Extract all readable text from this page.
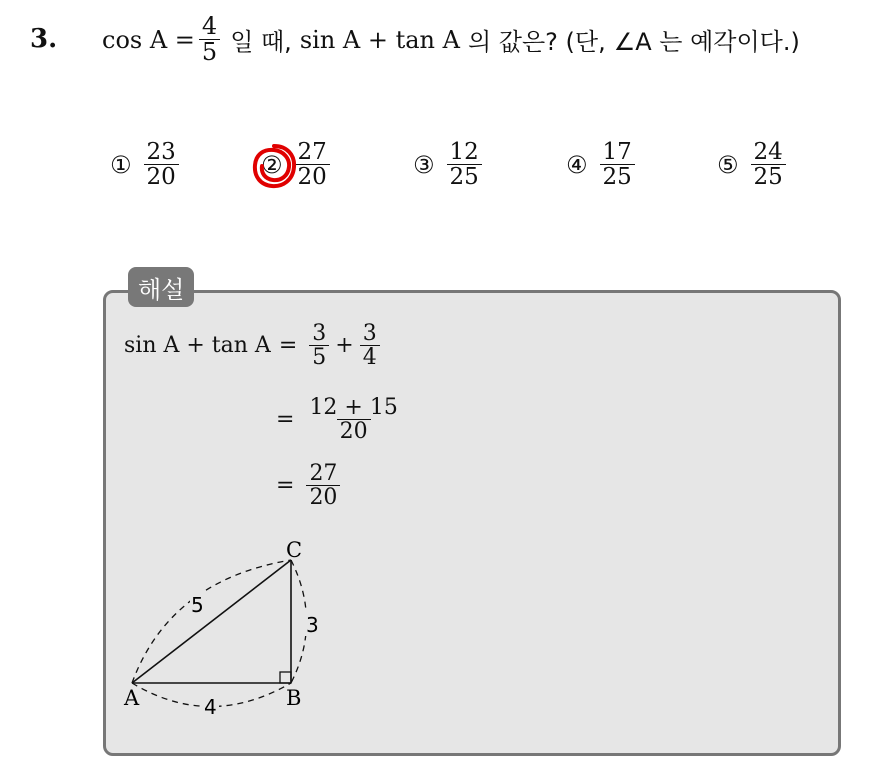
3. $\cos A = \frac{4}{5}$ 일 때, sin A + tan A 의 값은? (단, ∠A 는 예각이다.)
① $\frac{23}{20}$	② $\frac{27}{20}$	③ $\frac{12}{25}$	④ $\frac{17}{25}$	⑤ $\frac{24}{25}$
해설
$\sin A + \tan A = \frac{3}{5} + \frac{3}{4}$
= $\frac{12 + 15}{20}$
= $\frac{27}{20}$
A	B
C
5
3
4
